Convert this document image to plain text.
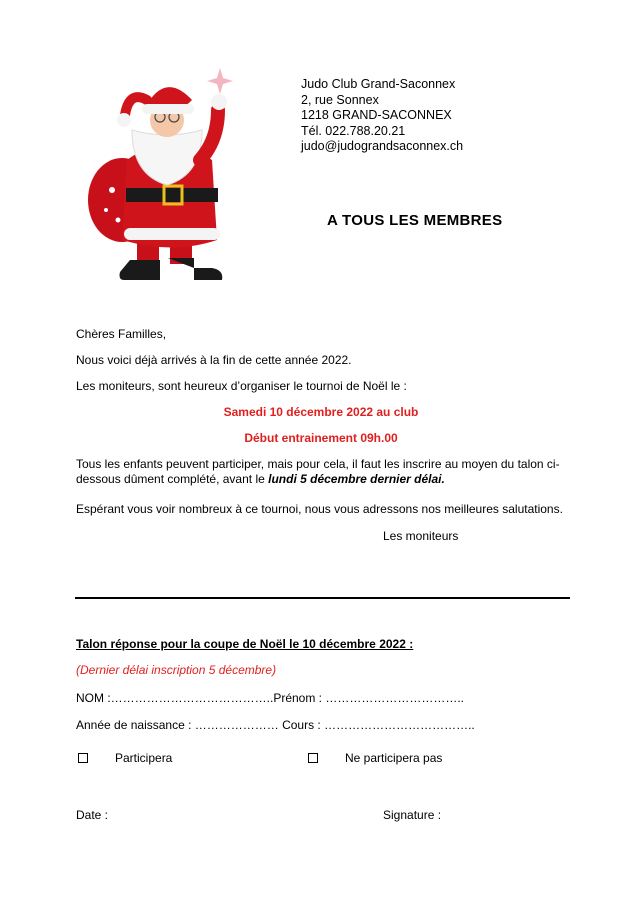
Judo Club Grand-Saconnex
2, rue Sonnex
1218 GRAND-SACONNEX
Tél. 022.788.20.21
judo@judograndsaconnex.ch
A TOUS LES MEMBRES
Chères Familles,
Nous voici déjà arrivés à la fin de cette année 2022.
Les moniteurs, sont heureux d’organiser le tournoi de Noël le :
Samedi 10 décembre 2022 au club
Début entrainement 09h.00
Tous les enfants peuvent participer, mais pour cela, il faut les inscrire au moyen du talon ci-dessous dûment complété, avant le lundi 5 décembre dernier délai.
Espérant vous voir nombreux à ce tournoi, nous vous adressons nos meilleures salutations.
Les moniteurs
Talon réponse pour la coupe de Noël le 10 décembre 2022 :
(Dernier délai inscription 5 décembre)
NOM :…………………………………..Prénom : ……………………………..
Année de naissance : ………………… Cours : ………………………………..
Participera	Ne participera pas
Date :	Signature :
